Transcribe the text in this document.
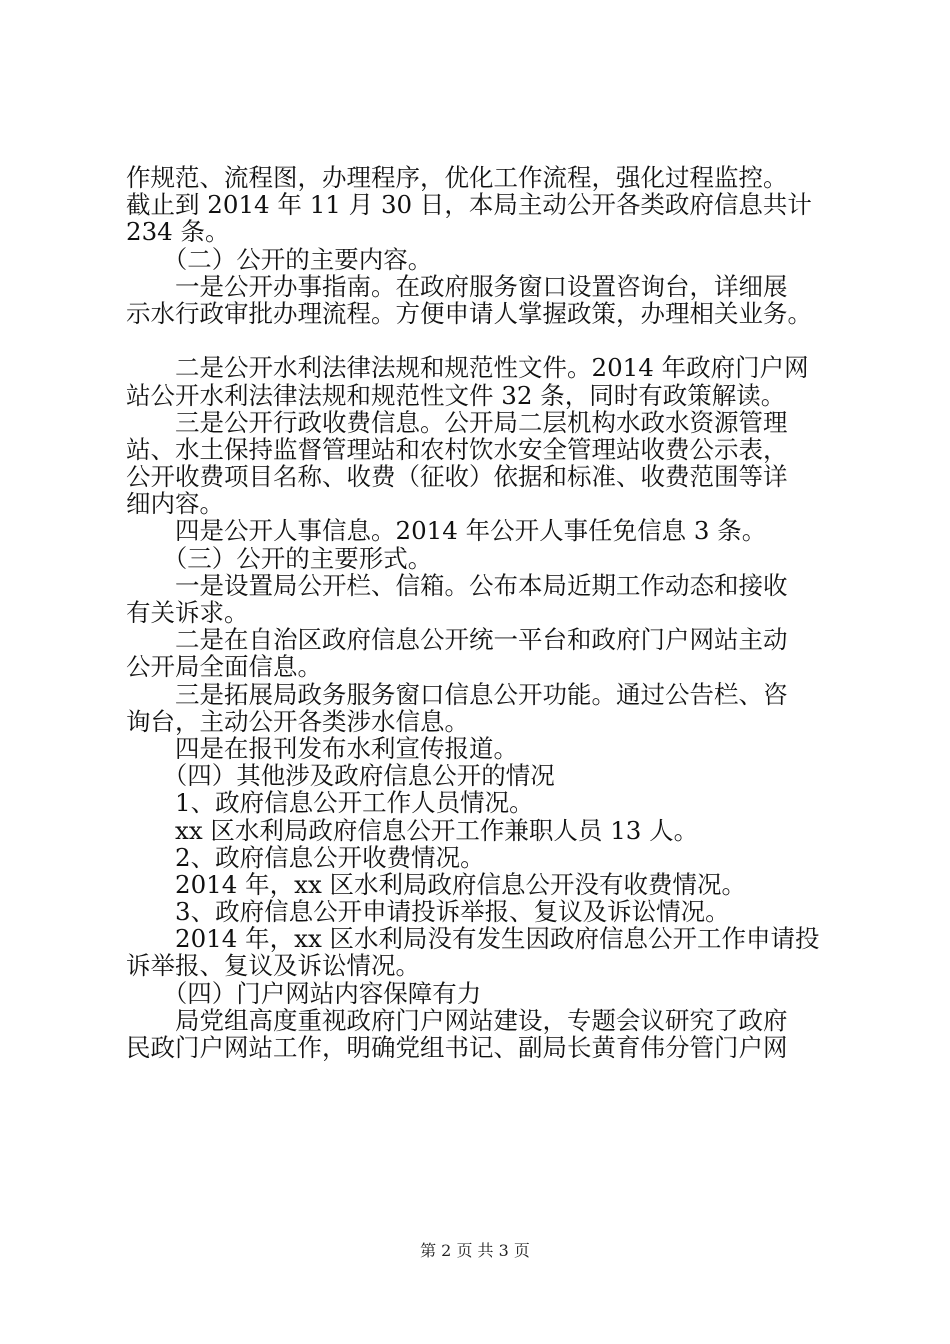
作规范、流程图，办理程序，优化工作流程，强化过程监控。
截止到 2014 年 11 月 30 日，本局主动公开各类政府信息共计
234 条。
　　（二）公开的主要内容。
　　一是公开办事指南。在政府服务窗口设置咨询台，详细展
示水行政审批办理流程。方便申请人掌握政策，办理相关业务。
　　二是公开水利法律法规和规范性文件。2014 年政府门户网
站公开水利法律法规和规范性文件 32 条，同时有政策解读。
　　三是公开行政收费信息。公开局二层机构水政水资源管理
站、水土保持监督管理站和农村饮水安全管理站收费公示表，
公开收费项目名称、收费（征收）依据和标准、收费范围等详
细内容。
　　四是公开人事信息。2014 年公开人事任免信息 3 条。
　　（三）公开的主要形式。
　　一是设置局公开栏、信箱。公布本局近期工作动态和接收
有关诉求。
　　二是在自治区政府信息公开统一平台和政府门户网站主动
公开局全面信息。
　　三是拓展局政务服务窗口信息公开功能。通过公告栏、咨
询台，主动公开各类涉水信息。
　　四是在报刊发布水利宣传报道。
　　（四）其他涉及政府信息公开的情况
　　1、政府信息公开工作人员情况。
　　xx 区水利局政府信息公开工作兼职人员 13 人。
　　2、政府信息公开收费情况。
　　2014 年，xx 区水利局政府信息公开没有收费情况。
　　3、政府信息公开申请投诉举报、复议及诉讼情况。
　　2014 年，xx 区水利局没有发生因政府信息公开工作申请投
诉举报、复议及诉讼情况。
　　（四）门户网站内容保障有力
　　局党组高度重视政府门户网站建设，专题会议研究了政府
民政门户网站工作，明确党组书记、副局长黄育伟分管门户网
第 2 页 共 3 页
